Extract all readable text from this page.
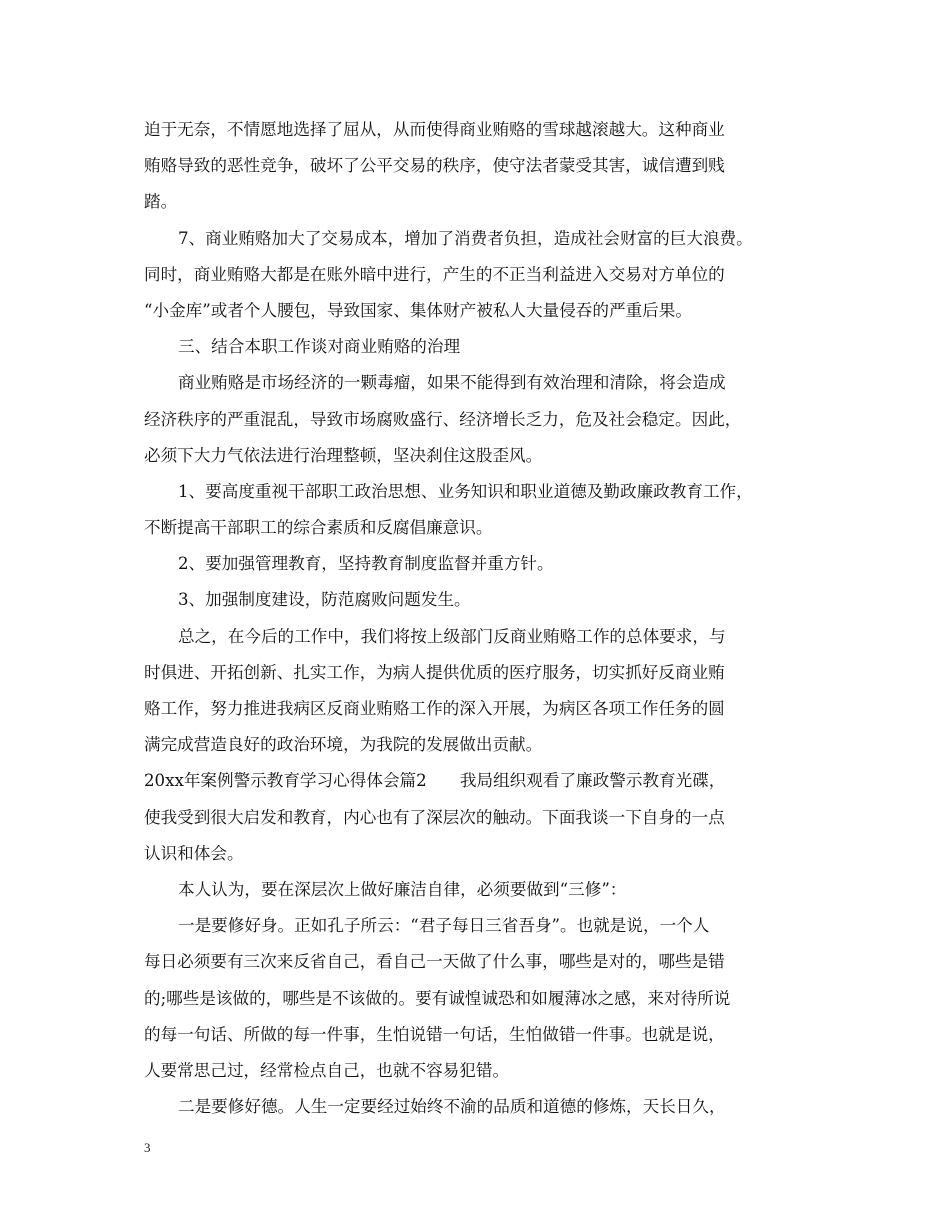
迫于无奈，不情愿地选择了屈从，从而使得商业贿赂的雪球越滚越大。这种商业
贿赂导致的恶性竞争，破坏了公平交易的秩序，使守法者蒙受其害，诚信遭到贱
踏。
7、商业贿赂加大了交易成本，增加了消费者负担，造成社会财富的巨大浪费。
同时，商业贿赂大都是在账外暗中进行，产生的不正当利益进入交易对方单位的
“小金库”或者个人腰包，导致国家、集体财产被私人大量侵吞的严重后果。
三、结合本职工作谈对商业贿赂的治理
商业贿赂是市场经济的一颗毒瘤，如果不能得到有效治理和清除，将会造成
经济秩序的严重混乱，导致市场腐败盛行、经济增长乏力，危及社会稳定。因此，
必须下大力气依法进行治理整顿，坚决刹住这股歪风。
1、要高度重视干部职工政治思想、业务知识和职业道德及勤政廉政教育工作，
不断提高干部职工的综合素质和反腐倡廉意识。
2、要加强管理教育，坚持教育制度监督并重方针。
3、加强制度建设，防范腐败问题发生。
总之，在今后的工作中，我们将按上级部门反商业贿赂工作的总体要求，与
时俱进、开拓创新、扎实工作，为病人提供优质的医疗服务，切实抓好反商业贿
赂工作，努力推进我病区反商业贿赂工作的深入开展，为病区各项工作任务的圆
满完成营造良好的政治环境，为我院的发展做出贡献。
20xx年案例警示教育学习心得体会篇2　　我局组织观看了廉政警示教育光碟，
使我受到很大启发和教育，内心也有了深层次的触动。下面我谈一下自身的一点
认识和体会。
本人认为，要在深层次上做好廉洁自律，必须要做到“三修”：
一是要修好身。正如孔子所云：“君子每日三省吾身”。也就是说，一个人
每日必须要有三次来反省自己，看自己一天做了什么事，哪些是对的，哪些是错
的;哪些是该做的，哪些是不该做的。要有诚惶诚恐和如履薄冰之感，来对待所说
的每一句话、所做的每一件事，生怕说错一句话，生怕做错一件事。也就是说，
人要常思己过，经常检点自己，也就不容易犯错。
二是要修好德。人生一定要经过始终不渝的品质和道德的修炼，天长日久，
3
